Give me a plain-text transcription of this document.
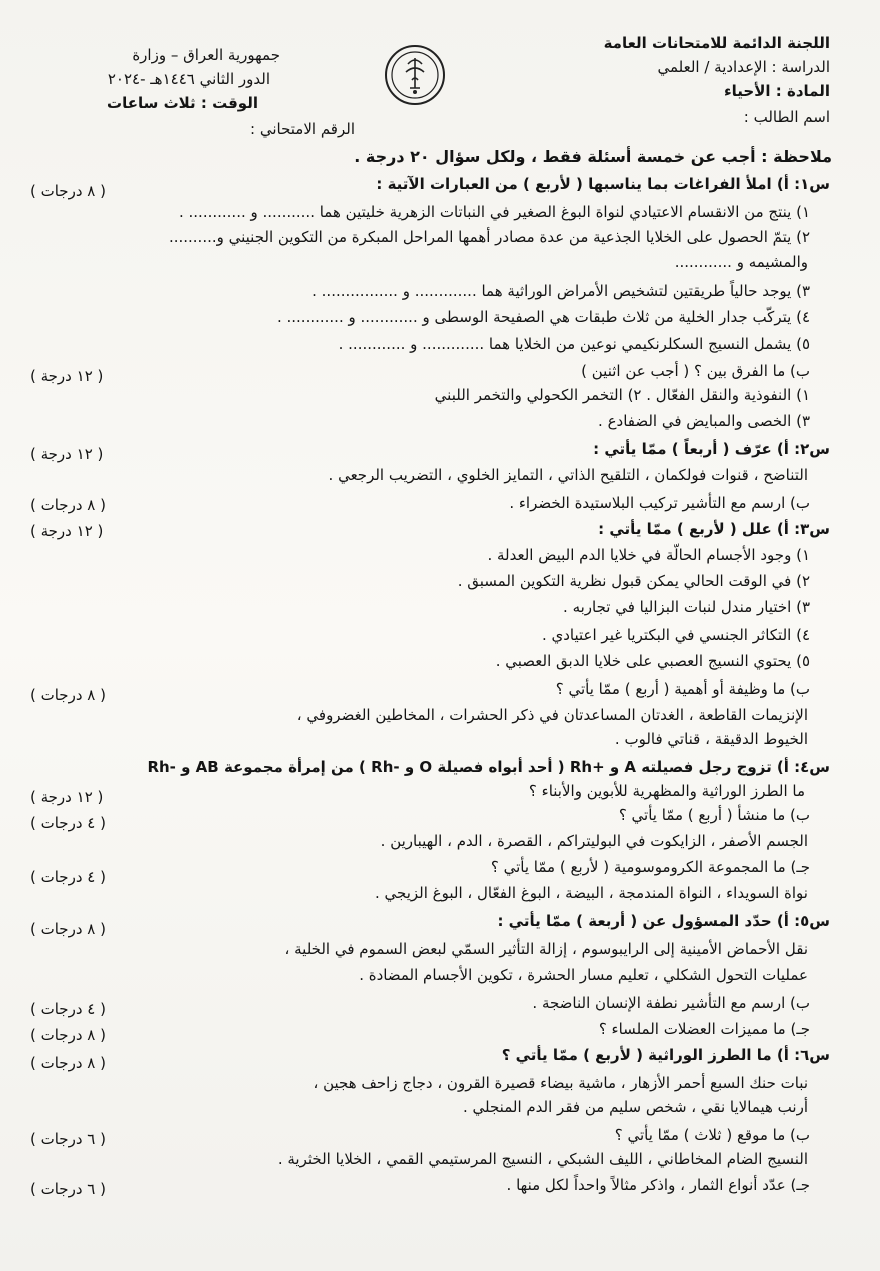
اللجنة الدائمة للامتحانات العامة
الدراسة : الإعدادية / العلمي
المادة : الأحياء
اسم الطالب :
جمهورية العراق – وزارة
الدور الثاني ١٤٤٦هـ -٢٠٢٤
الوقت : ثلاث ساعات
الرقم الامتحاني :
ملاحظة : أجب عن خمسة أسئلة فقط ، ولكل سؤال ٢٠ درجة .
س١: أ) املأ الفراغات بما يناسبها ( لأربع ) من العبارات الآتية :
( ٨ درجات )
١) ينتج من الانقسام الاعتيادي لنواة البوغ الصغير في النباتات الزهرية خليتين هما ........... و ............ .
٢) يتمّ الحصول على الخلايا الجذعية من عدة مصادر أهمها المراحل المبكرة من التكوين الجنيني و..........
والمشيمه و ............
٣) يوجد حالياً طريقتين لتشخيص الأمراض الوراثية هما ............. و ................ .
٤) يتركّب جدار الخلية من ثلاث طبقات هي الصفيحة الوسطى و ............ و ............ .
٥) يشمل النسيج السكلرنكيمي نوعين من الخلايا هما ............. و ............ .
ب) ما الفرق بين ؟ ( أجب عن اثنين )
( ١٢ درجة )
١) النفوذية والنقل الفعّال . ٢) التخمر الكحولي والتخمر اللبني
٣) الخصى والمبايض في الضفادع .
س٢: أ) عرّف ( أربعاً ) ممّا يأتي :
( ١٢ درجة )
التناضح ، قنوات فولكمان ، التلقيح الذاتي ، التمايز الخلوي ، التضريب الرجعي .
ب) ارسم مع التأشير تركيب البلاستيدة الخضراء .
( ٨ درجات )
س٣: أ) علل ( لأربع ) ممّا يأتي :
( ١٢ درجة )
١) وجود الأجسام الحالّة في خلايا الدم البيض العدلة .
٢) في الوقت الحالي يمكن قبول نظرية التكوين المسبق .
٣) اختيار مندل لنبات البزاليا في تجاربه .
٤) التكاثر الجنسي في البكتريا غير اعتيادي .
٥) يحتوي النسيج العصبي على خلايا الدبق العصبي .
ب) ما وظيفة أو أهمية ( أربع ) ممّا يأتي ؟
( ٨ درجات )
الإنزيمات القاطعة ، الغدتان المساعدتان في ذكر الحشرات ، المخاطين الغضروفي ،
الخيوط الدقيقة ، قناتي فالوب .
س٤: أ) تزوج رجل فصيلته A و +Rh ( أحد أبواه فصيلة O و -Rh ) من إمرأة مجموعة AB و -Rh
ما الطرز الوراثية والمظهرية للأبوين والأبناء ؟
( ١٢ درجة )
ب) ما منشأ ( أربع ) ممّا يأتي ؟
( ٤ درجات )
الجسم الأصفر ، الزايكوت في البوليتراكم ، القصرة ، الدم ، الهيبارين .
جـ) ما المجموعة الكروموسومية ( لأربع ) ممّا يأتي ؟
( ٤ درجات )
نواة السويداء ، النواة المندمجة ، البيضة ، البوغ الفعّال ، البوغ الزيجي .
س٥: أ) حدّد المسؤول عن ( أربعة ) ممّا يأتي :
( ٨ درجات )
نقل الأحماض الأمينية إلى الرايبوسوم ، إزالة التأثير السمّي لبعض السموم في الخلية ،
عمليات التحول الشكلي ، تعليم مسار الحشرة ، تكوين الأجسام المضادة .
ب) ارسم مع التأشير نطفة الإنسان الناضجة .
( ٤ درجات )
جـ) ما مميزات العضلات الملساء ؟
( ٨ درجات )
س٦: أ) ما الطرز الوراثية ( لأربع ) ممّا يأتي ؟
( ٨ درجات )
نبات حنك السبع أحمر الأزهار ، ماشية بيضاء قصيرة القرون ، دجاج زاحف هجين ،
أرنب هيمالايا نقي ، شخص سليم من فقر الدم المنجلي .
ب) ما موقع ( ثلاث ) ممّا يأتي ؟
النسيج الضام المخاطاني ، الليف الشبكي ، النسيج المرستيمي القمي ، الخلايا الخثرية .
( ٦ درجات )
جـ) عدّد أنواع الثمار ، واذكر مثالاً واحداً لكل منها .
( ٦ درجات )
